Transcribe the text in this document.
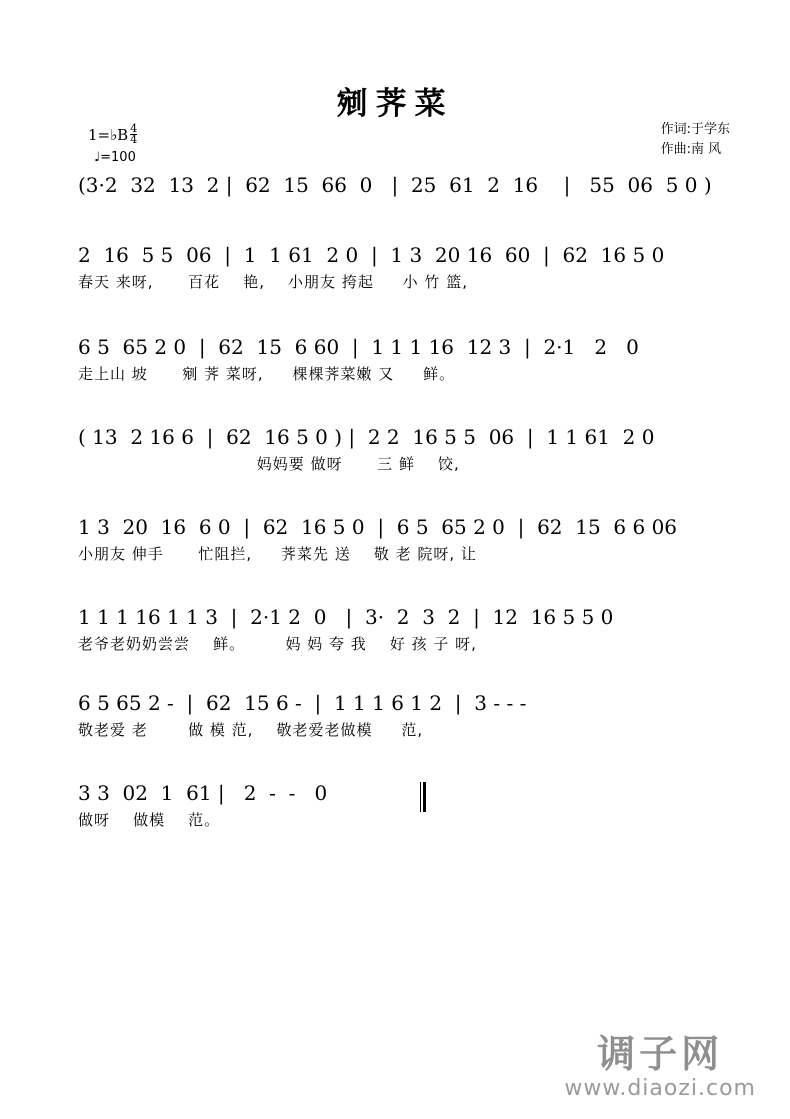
剜荠菜
作词:于学东
作曲:南 风
1=♭B $\frac{4}{4}$
♩=100
(3·2  32  13  2 |  62  15  66  0   |  25  61  2  16    |   55  06  5 0 )
2  16  5 5  06  |  1  1 61  2 0  |  1 3  20 16  60  |  62  16 5 0
春天 来呀,      百花    艳,    小朋友 挎起     小 竹 篮,
6 5  65 2 0  |  62  15  6 60  |  1 1 1 16  12 3  |  2·1   2   0
走上山 坡      剜 荠 菜呀,     棵棵荠菜嫩 又     鲜。
( 13  2 16 6  |  62  16 5 0 ) |  2 2  16 5 5  06  |  1 1 61  2 0
妈妈要 做呀      三 鲜    饺,
1 3  20  16  6 0  |  62  16 5 0  |  6 5  65 2 0  |  62  15  6 6 06
小朋友 伸手      忙阻拦,     荠菜先 送    敬 老 院呀, 让
1 1 1 16 1 1 3  |  2·1 2  0   |  3·  2  3  2  |  12  16 5 5 0
老爷老奶奶尝尝    鲜。       妈 妈 夸 我    好 孩 子 呀,
6 5 65 2 -  |  62  15 6 -  |  1 1 1 6 1 2  |  3 - - -
敬老爱 老       做 模 范,    敬老爱老做模     范,
3 3  02  1  61 |   2  -  -   0
做呀    做模    范。
调子网
www.diaozi.com
